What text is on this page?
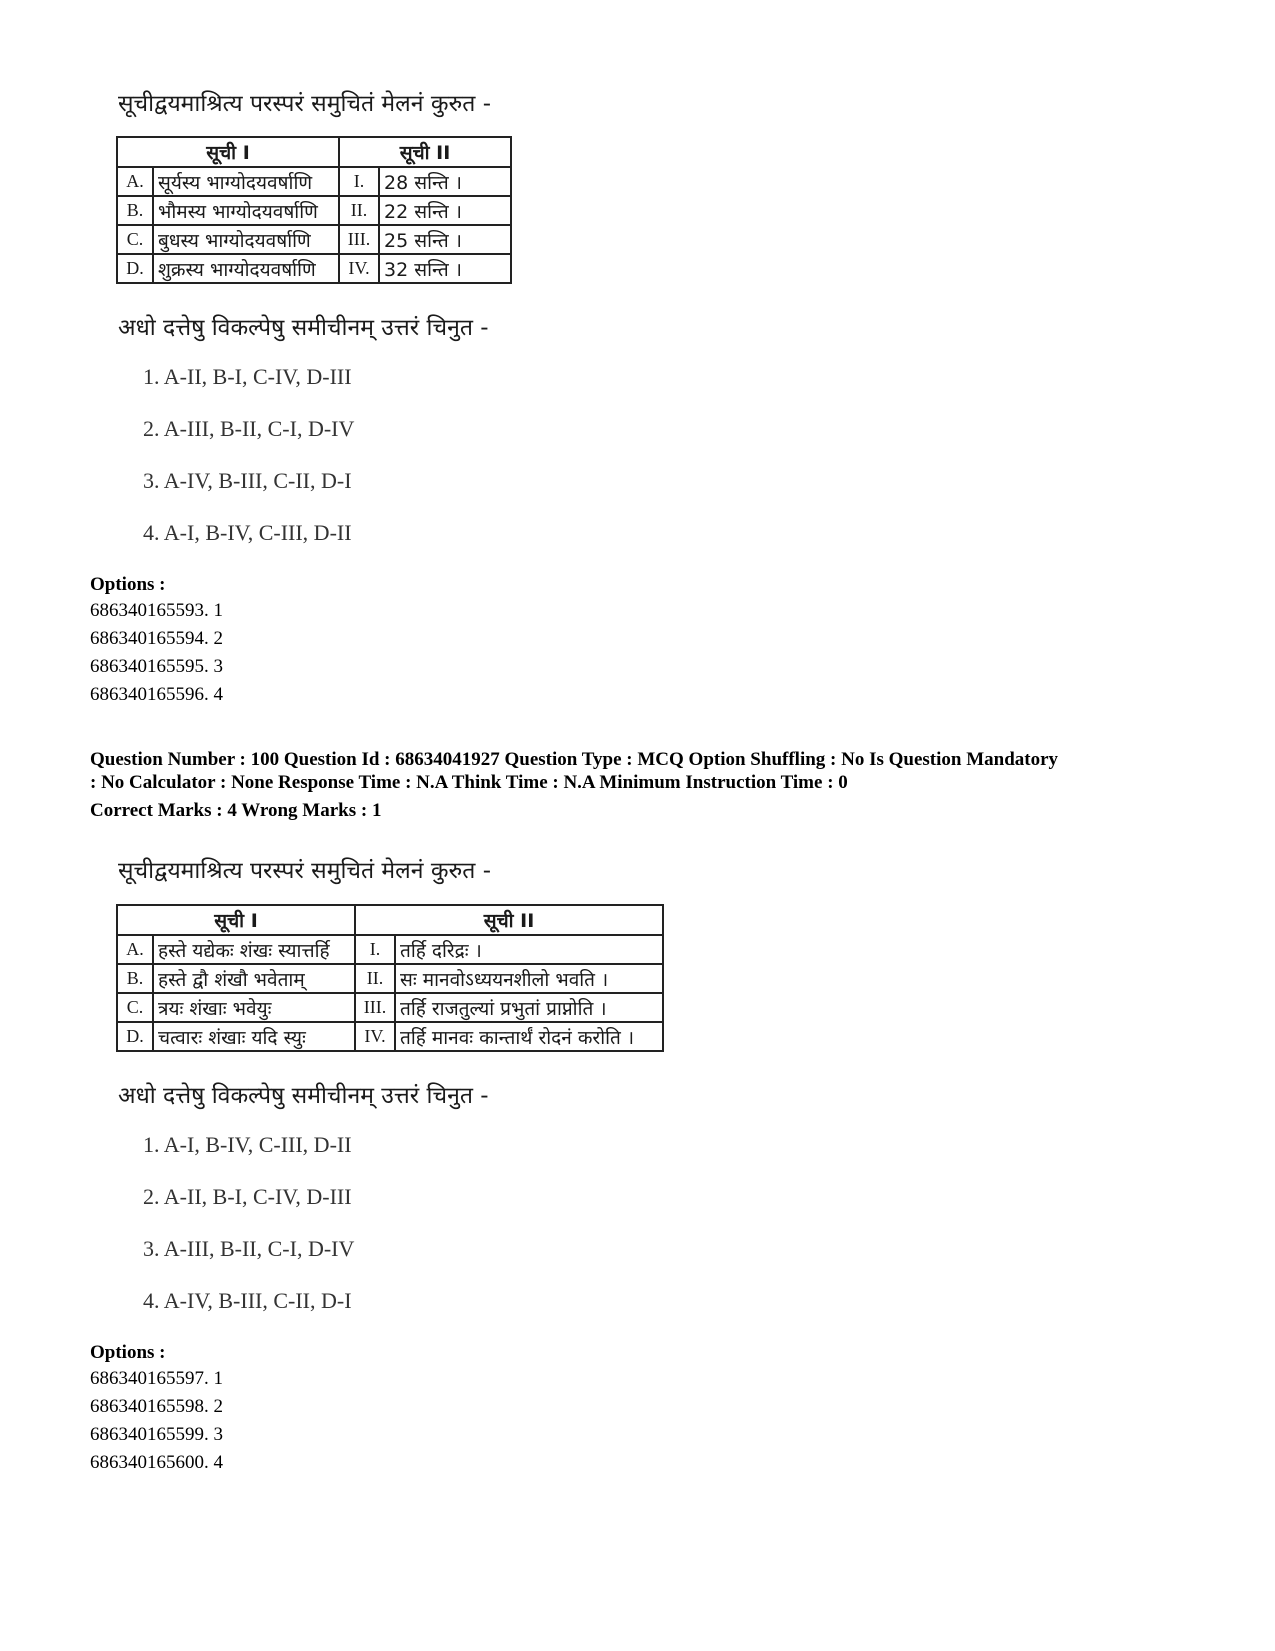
सूचीद्वयमाश्रित्य परस्परं समुचितं मेलनं कुरुत -
सूची I		सूची II	
A.	सूर्यस्य भाग्योदयवर्षाणि	I.	28 सन्ति ।
B.	भौमस्य भाग्योदयवर्षाणि	II.	22 सन्ति ।
C.	बुधस्य भाग्योदयवर्षाणि	III.	25 सन्ति ।
D.	शुक्रस्य भाग्योदयवर्षाणि	IV.	32 सन्ति ।
अधो दत्तेषु विकल्पेषु समीचीनम् उत्तरं चिनुत -
1. A-II, B-I, C-IV, D-III
2. A-III, B-II, C-I, D-IV
3. A-IV, B-III, C-II, D-I
4. A-I, B-IV, C-III, D-II
Options :
686340165593. 1
686340165594. 2
686340165595. 3
686340165596. 4
Question Number : 100 Question Id : 68634041927 Question Type : MCQ Option Shuffling : No Is Question Mandatory
: No Calculator : None Response Time : N.A Think Time : N.A Minimum Instruction Time : 0
Correct Marks : 4 Wrong Marks : 1
सूचीद्वयमाश्रित्य परस्परं समुचितं मेलनं कुरुत -
सूची I		सूची II	
A.	हस्ते यद्येकः शंखः स्यात्तर्हि	I.	तर्हि दरिद्रः ।
B.	हस्ते द्वौ शंखौ भवेताम्	II.	सः मानवोऽध्ययनशीलो भवति ।
C.	त्रयः शंखाः भवेयुः	III.	तर्हि राजतुल्यां प्रभुतां प्राप्नोति ।
D.	चत्वारः शंखाः यदि स्युः	IV.	तर्हि मानवः कान्तार्थं रोदनं करोति ।
अधो दत्तेषु विकल्पेषु समीचीनम् उत्तरं चिनुत -
1. A-I, B-IV, C-III, D-II
2. A-II, B-I, C-IV, D-III
3. A-III, B-II, C-I, D-IV
4. A-IV, B-III, C-II, D-I
Options :
686340165597. 1
686340165598. 2
686340165599. 3
686340165600. 4
